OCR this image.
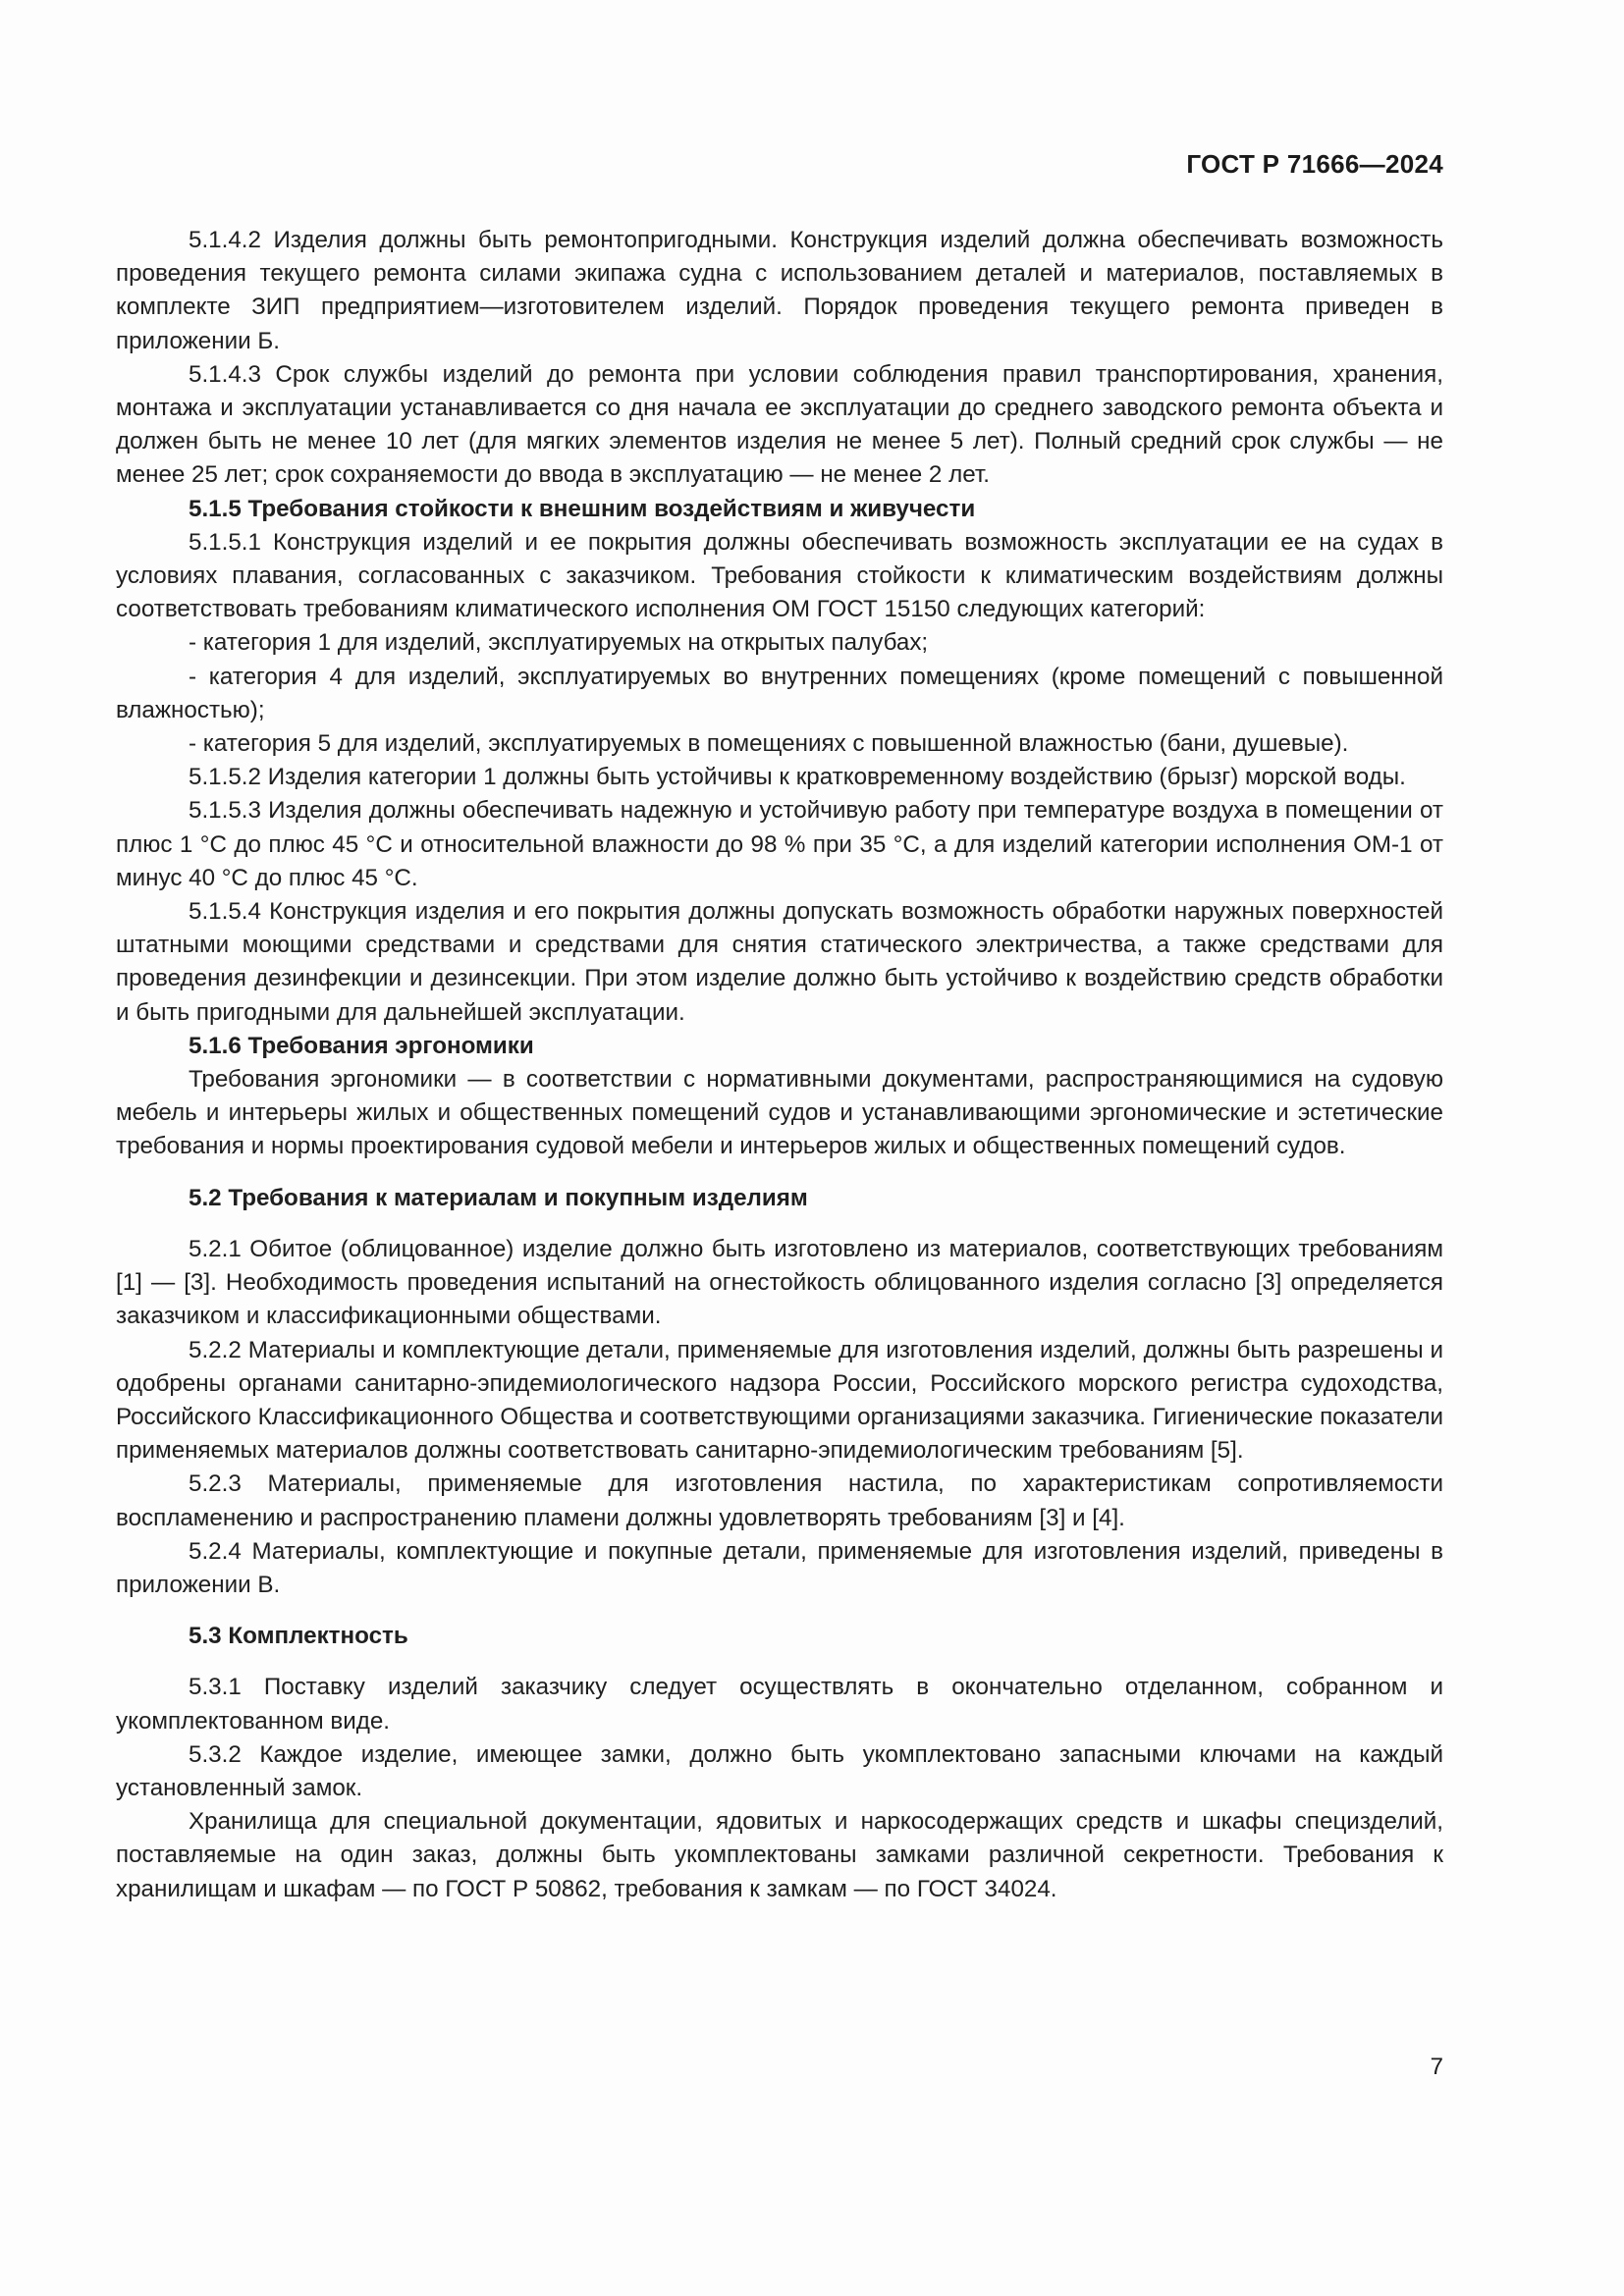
ГОСТ Р 71666—2024

5.1.4.2 Изделия должны быть ремонтопригодными. Конструкция изделий должна обеспечивать возможность проведения текущего ремонта силами экипажа судна с использованием деталей и материалов, поставляемых в комплекте ЗИП предприятием—изготовителем изделий. Порядок проведения текущего ремонта приведен в приложении Б.

5.1.4.3 Срок службы изделий до ремонта при условии соблюдения правил транспортирования, хранения, монтажа и эксплуатации устанавливается со дня начала ее эксплуатации до среднего заводского ремонта объекта и должен быть не менее 10 лет (для мягких элементов изделия не менее 5 лет). Полный средний срок службы — не менее 25 лет; срок сохраняемости до ввода в эксплуатацию — не менее 2 лет.

5.1.5 Требования стойкости к внешним воздействиям и живучести

5.1.5.1 Конструкция изделий и ее покрытия должны обеспечивать возможность эксплуатации ее на судах в условиях плавания, согласованных с заказчиком. Требования стойкости к климатическим воздействиям должны соответствовать требованиям климатического исполнения ОМ ГОСТ 15150 следующих категорий:

- категория 1 для изделий, эксплуатируемых на открытых палубах;

- категория 4 для изделий, эксплуатируемых во внутренних помещениях (кроме помещений с повышенной влажностью);

- категория 5 для изделий, эксплуатируемых в помещениях с повышенной влажностью (бани, душевые).

5.1.5.2 Изделия категории 1 должны быть устойчивы к кратковременному воздействию (брызг) морской воды.

5.1.5.3 Изделия должны обеспечивать надежную и устойчивую работу при температуре воздуха в помещении от плюс 1 °C до плюс 45 °C и относительной влажности до 98 % при 35 °C, а для изделий категории исполнения ОМ-1 от минус 40 °C до плюс 45 °C.

5.1.5.4 Конструкция изделия и его покрытия должны допускать возможность обработки наружных поверхностей штатными моющими средствами и средствами для снятия статического электричества, а также средствами для проведения дезинфекции и дезинсекции. При этом изделие должно быть устойчиво к воздействию средств обработки и быть пригодными для дальнейшей эксплуатации.

5.1.6 Требования эргономики

Требования эргономики — в соответствии с нормативными документами, распространяющимися на судовую мебель и интерьеры жилых и общественных помещений судов и устанавливающими эргономические и эстетические требования и нормы проектирования судовой мебели и интерьеров жилых и общественных помещений судов.

5.2 Требования к материалам и покупным изделиям

5.2.1 Обитое (облицованное) изделие должно быть изготовлено из материалов, соответствующих требованиям [1] — [3]. Необходимость проведения испытаний на огнестойкость облицованного изделия согласно [3] определяется заказчиком и классификационными обществами.

5.2.2 Материалы и комплектующие детали, применяемые для изготовления изделий, должны быть разрешены и одобрены органами санитарно-эпидемиологического надзора России, Российского морского регистра судоходства, Российского Классификационного Общества и соответствующими организациями заказчика. Гигиенические показатели применяемых материалов должны соответствовать санитарно-эпидемиологическим требованиям [5].

5.2.3 Материалы, применяемые для изготовления настила, по характеристикам сопротивляемости воспламенению и распространению пламени должны удовлетворять требованиям [3] и [4].

5.2.4 Материалы, комплектующие и покупные детали, применяемые для изготовления изделий, приведены в приложении В.

5.3 Комплектность

5.3.1 Поставку изделий заказчику следует осуществлять в окончательно отделанном, собранном и укомплектованном виде.

5.3.2 Каждое изделие, имеющее замки, должно быть укомплектовано запасными ключами на каждый установленный замок.

Хранилища для специальной документации, ядовитых и наркосодержащих средств и шкафы специзделий, поставляемые на один заказ, должны быть укомплектованы замками различной секретности. Требования к хранилищам и шкафам — по ГОСТ Р 50862, требования к замкам — по ГОСТ 34024.

7
